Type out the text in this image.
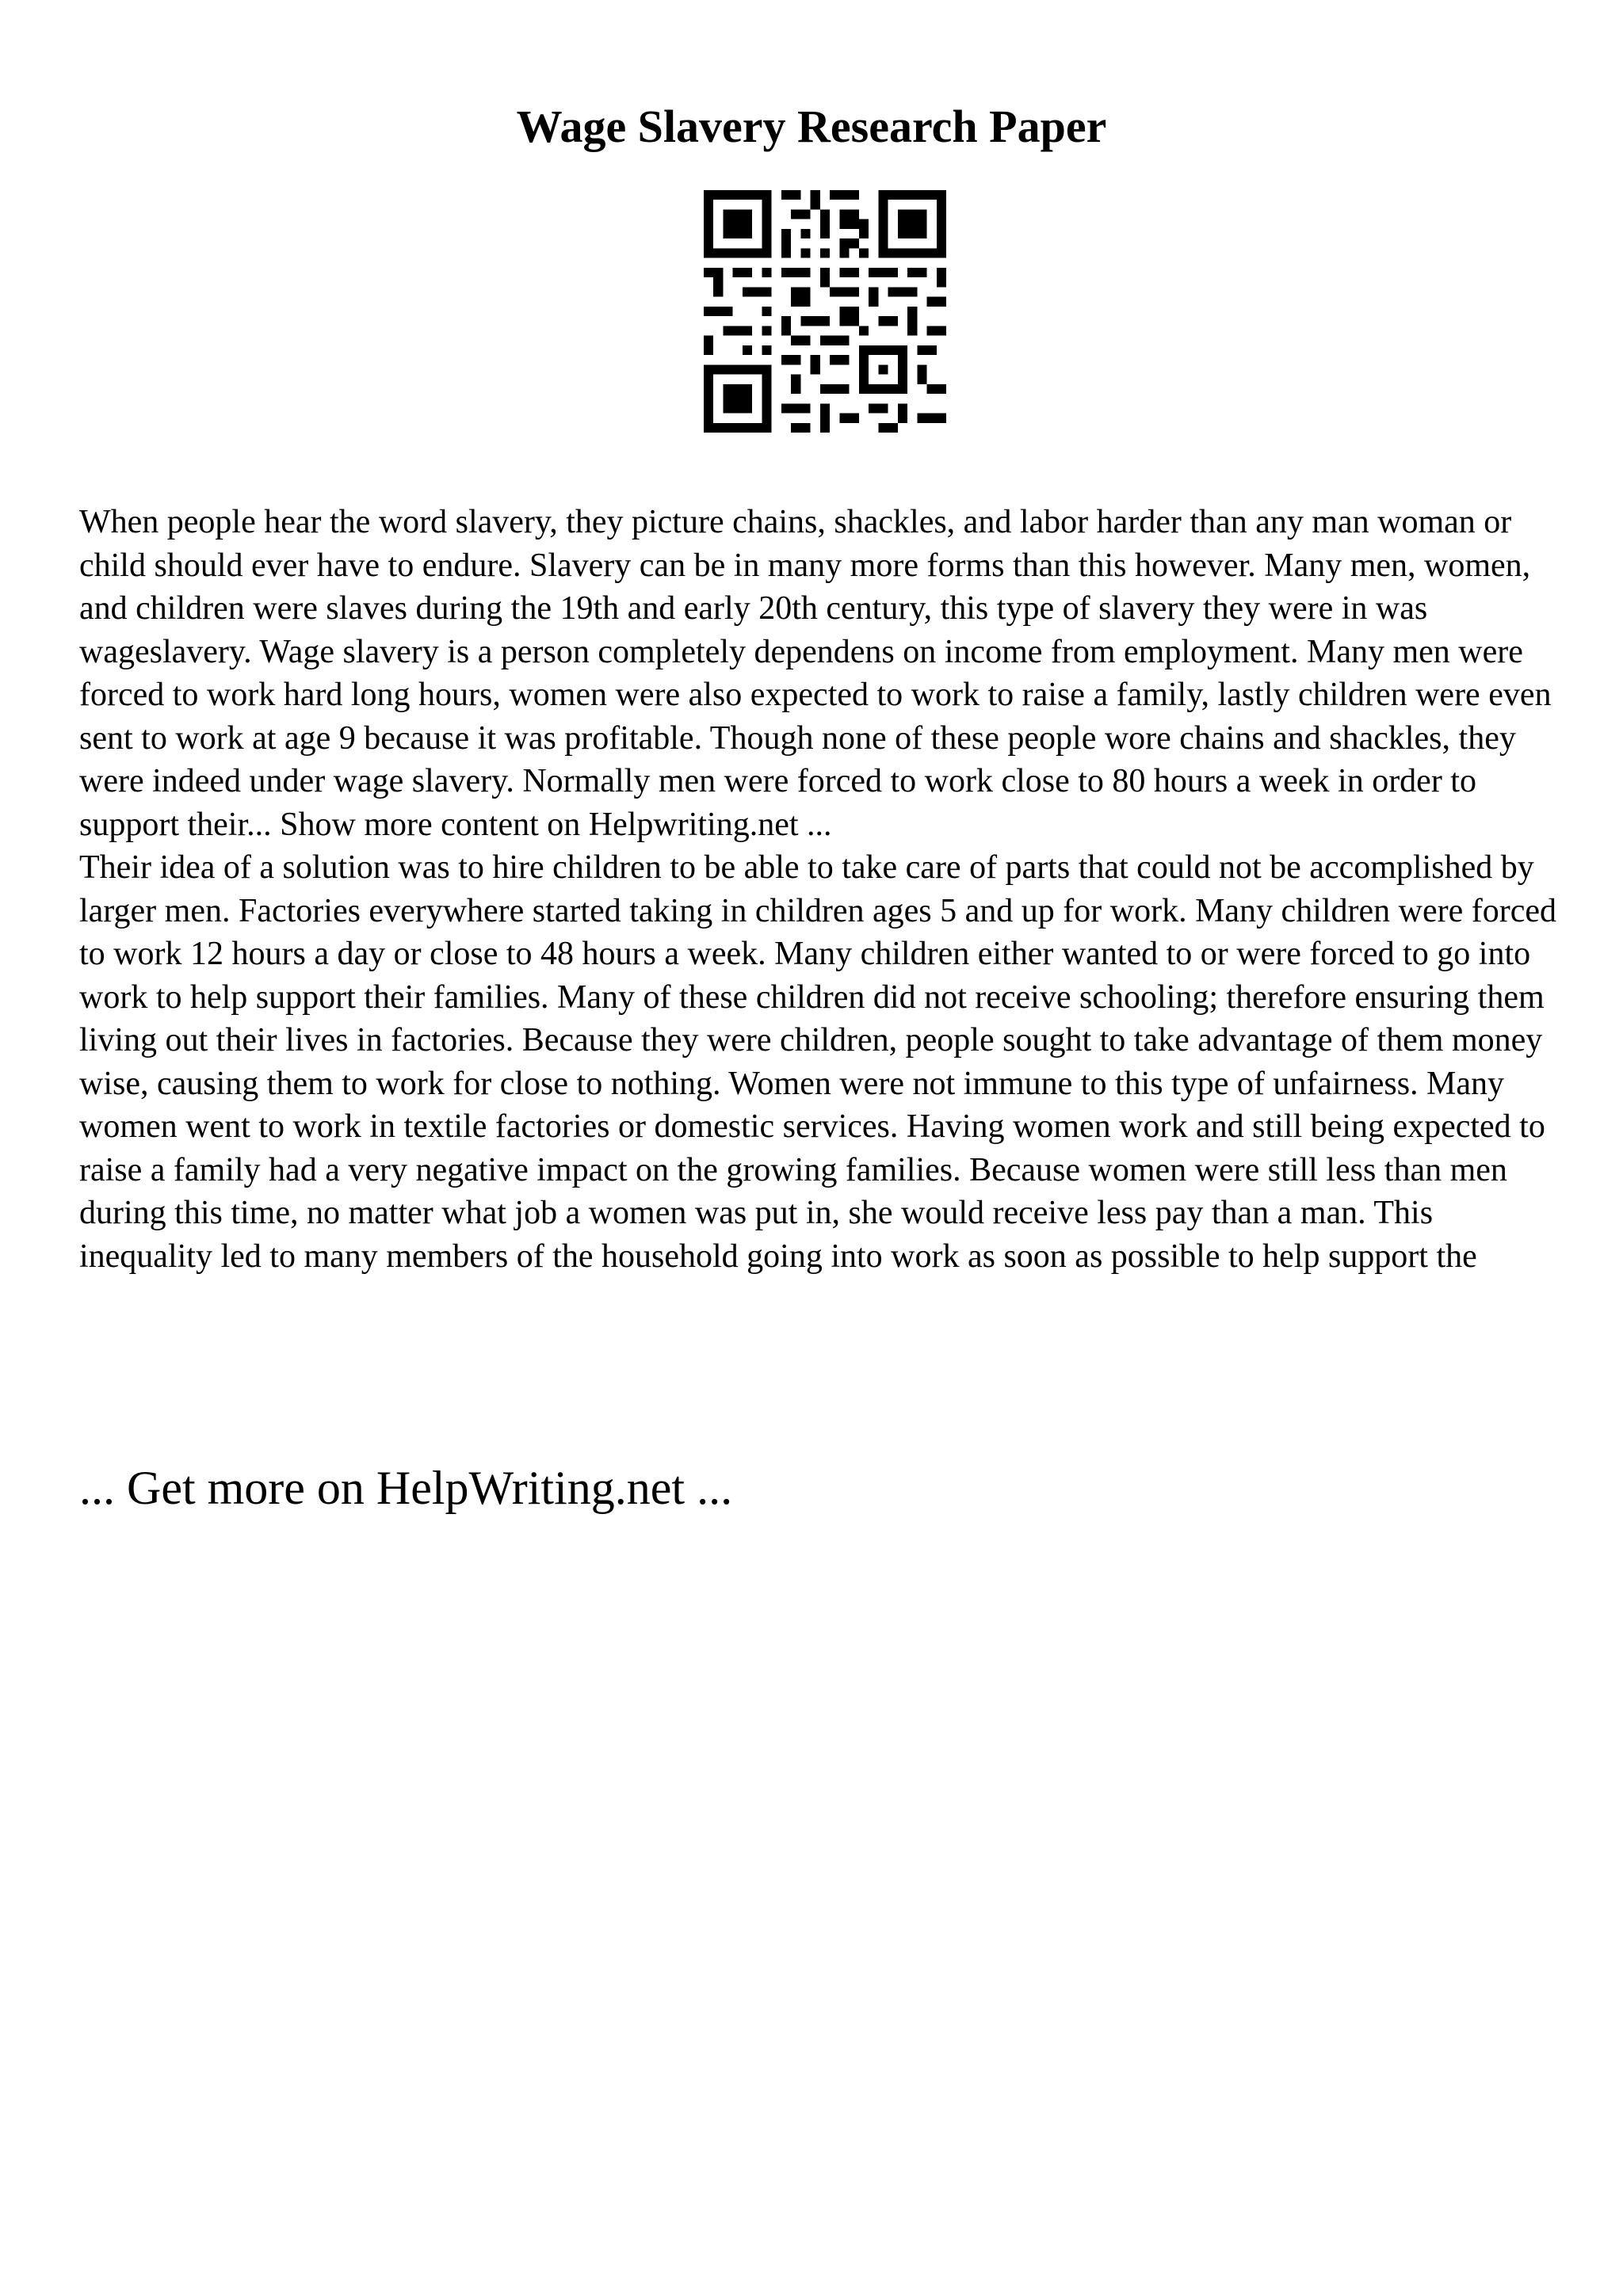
Wage Slavery Research Paper

When people hear the word slavery, they picture chains, shackles, and labor harder than any man woman or child should ever have to endure. Slavery can be in many more forms than this however. Many men, women, and children were slaves during the 19th and early 20th century, this type of slavery they were in was wageslavery. Wage slavery is a person completely dependens on income from employment. Many men were forced to work hard long hours, women were also expected to work to raise a family, lastly children were even sent to work at age 9 because it was profitable. Though none of these people wore chains and shackles, they were indeed under wage slavery. Normally men were forced to work close to 80 hours a week in order to support their... Show more content on Helpwriting.net ...

Their idea of a solution was to hire children to be able to take care of parts that could not be accomplished by larger men. Factories everywhere started taking in children ages 5 and up for work. Many children were forced to work 12 hours a day or close to 48 hours a week. Many children either wanted to or were forced to go into work to help support their families. Many of these children did not receive schooling; therefore ensuring them living out their lives in factories. Because they were children, people sought to take advantage of them money wise, causing them to work for close to nothing. Women were not immune to this type of unfairness. Many women went to work in textile factories or domestic services. Having women work and still being expected to raise a family had a very negative impact on the growing families. Because women were still less than men during this time, no matter what job a women was put in, she would receive less pay than a man. This inequality led to many members of the household going into work as soon as possible to help support the

... Get more on HelpWriting.net ...
